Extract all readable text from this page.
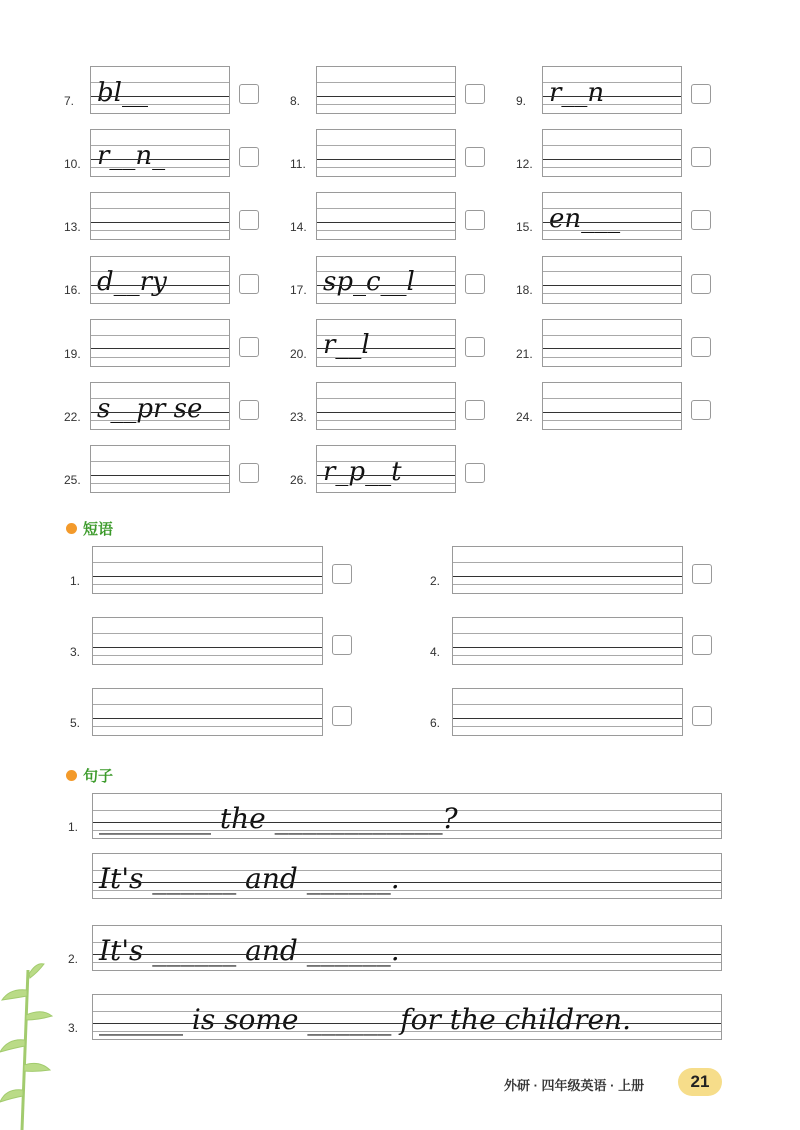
7. bl__	8.	9. r__n
10. r__n_	11.	12.
13.	14.	15. en___
16. d__ry	17. sp_c__l	18.
19.	20. r__l	21.
22. s__pr se	23.	24.
25.	26. r_p__t
短语
1.	2.
3.	4.
5.	6.
句子
1. ________ the ____________?
It's ______ and ______.
2. It's ______ and ______.
3. ______ is some ______ for the children.
外研 · 四年级英语 · 上册	21
